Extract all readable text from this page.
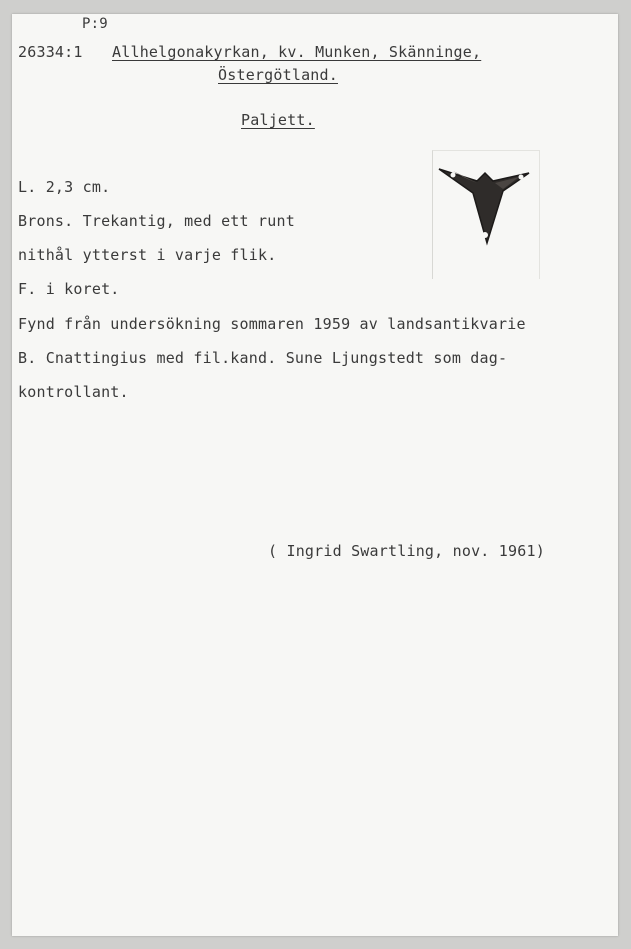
P:9
26334:1 Allhelgonakyrkan, kv. Munken, Skänninge,
Östergötland.
Paljett.
L. 2,3 cm.
Brons. Trekantig, med ett runt
nithål ytterst i varje flik.
F. i koret.
Fynd från undersökning sommaren 1959 av landsantikvarie
B. Cnattingius med fil.kand. Sune Ljungstedt som dag-
kontrollant.
( Ingrid Swartling, nov. 1961)
